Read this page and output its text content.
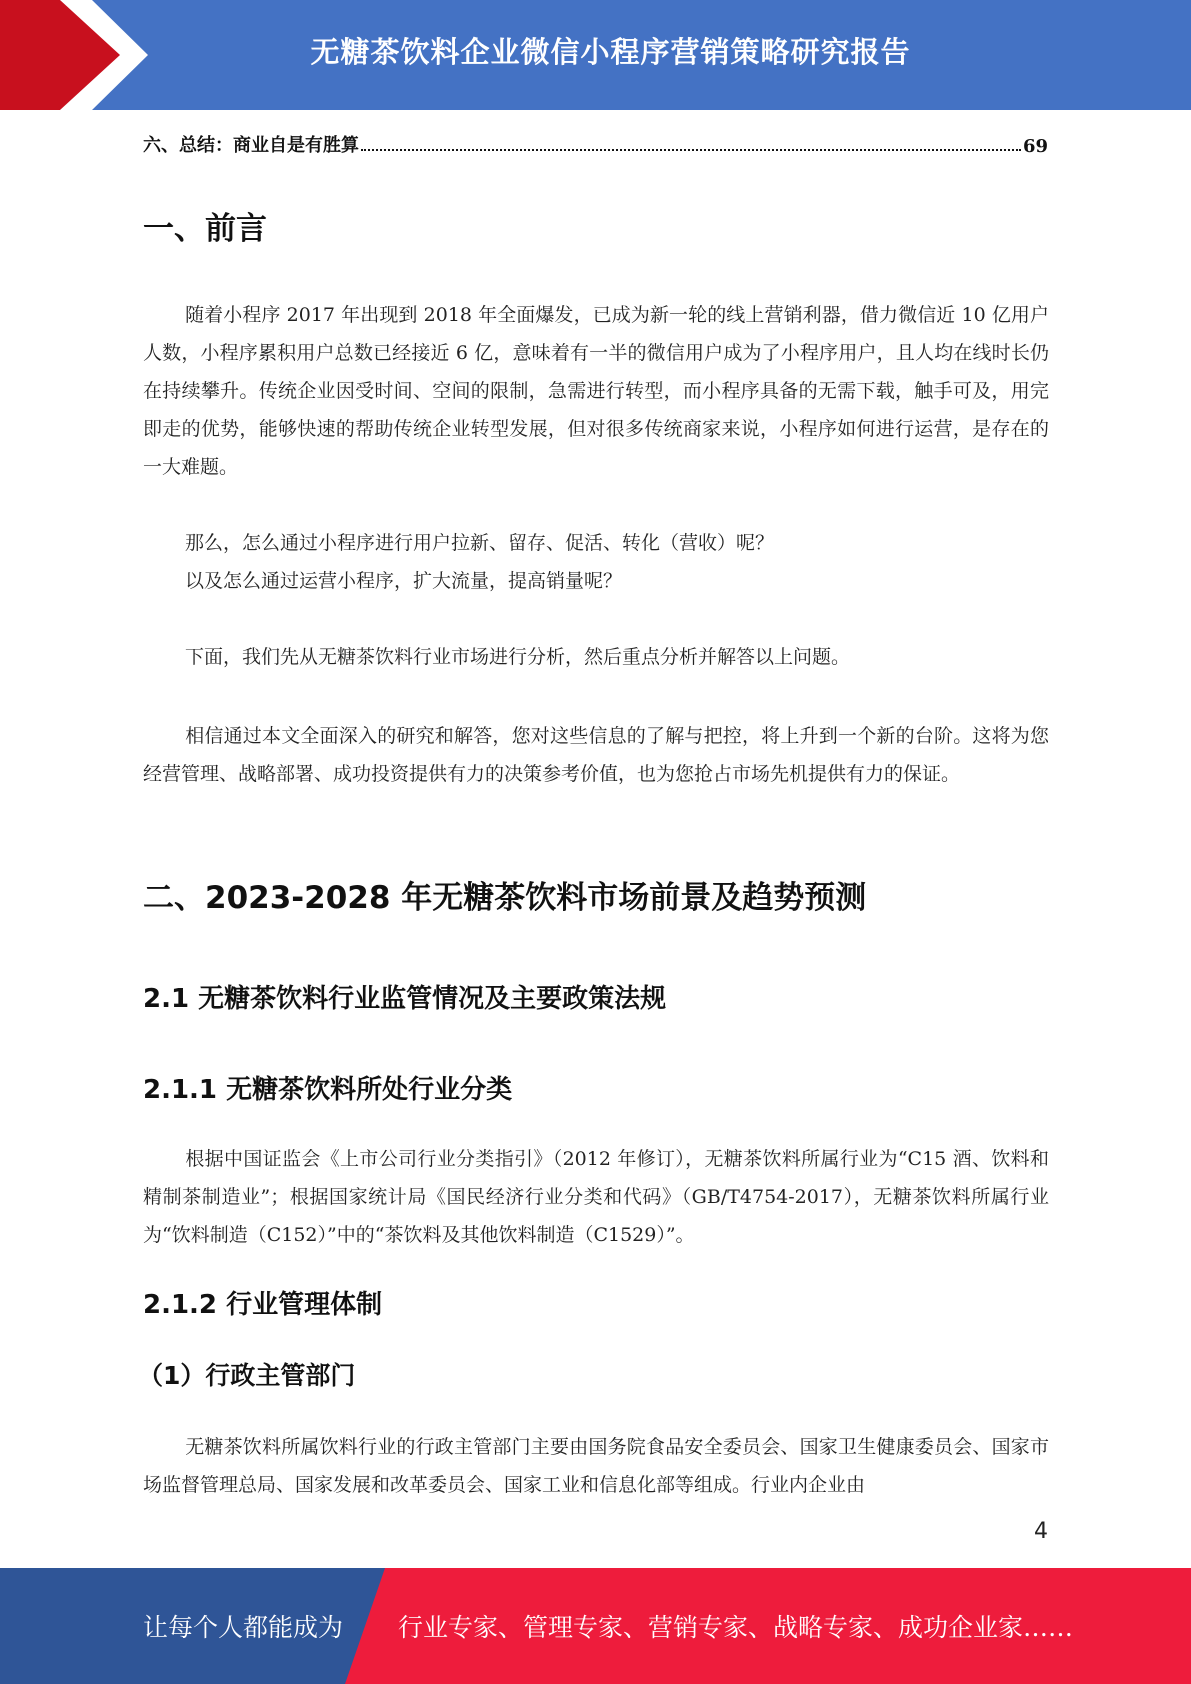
无糖茶饮料企业微信小程序营销策略研究报告
六、总结：商业自是有胜算	69
一、前言
随着小程序 2017 年出现到 2018 年全面爆发，已成为新一轮的线上营销利器，借力微信近 10 亿用户人数，小程序累积用户总数已经接近 6 亿，意味着有一半的微信用户成为了小程序用户，且人均在线时长仍在持续攀升。传统企业因受时间、空间的限制，急需进行转型，而小程序具备的无需下载，触手可及，用完即走的优势，能够快速的帮助传统企业转型发展，但对很多传统商家来说，小程序如何进行运营，是存在的一大难题。
那么，怎么通过小程序进行用户拉新、留存、促活、转化（营收）呢？
以及怎么通过运营小程序，扩大流量，提高销量呢？
下面，我们先从无糖茶饮料行业市场进行分析，然后重点分析并解答以上问题。
相信通过本文全面深入的研究和解答，您对这些信息的了解与把控，将上升到一个新的台阶。这将为您经营管理、战略部署、成功投资提供有力的决策参考价值，也为您抢占市场先机提供有力的保证。
二、2023-2028 年无糖茶饮料市场前景及趋势预测
2.1 无糖茶饮料行业监管情况及主要政策法规
2.1.1 无糖茶饮料所处行业分类
根据中国证监会《上市公司行业分类指引》（2012 年修订），无糖茶饮料所属行业为“C15 酒、饮料和精制茶制造业”；根据国家统计局《国民经济行业分类和代码》（GB/T4754-2017），无糖茶饮料所属行业为“饮料制造（C152）”中的“茶饮料及其他饮料制造（C1529）”。
2.1.2 行业管理体制
（1）行政主管部门
无糖茶饮料所属饮料行业的行政主管部门主要由国务院食品安全委员会、国家卫生健康委员会、国家市场监督管理总局、国家发展和改革委员会、国家工业和信息化部等组成。行业内企业由
4
让每个人都能成为 行业专家、管理专家、营销专家、战略专家、成功企业家……
